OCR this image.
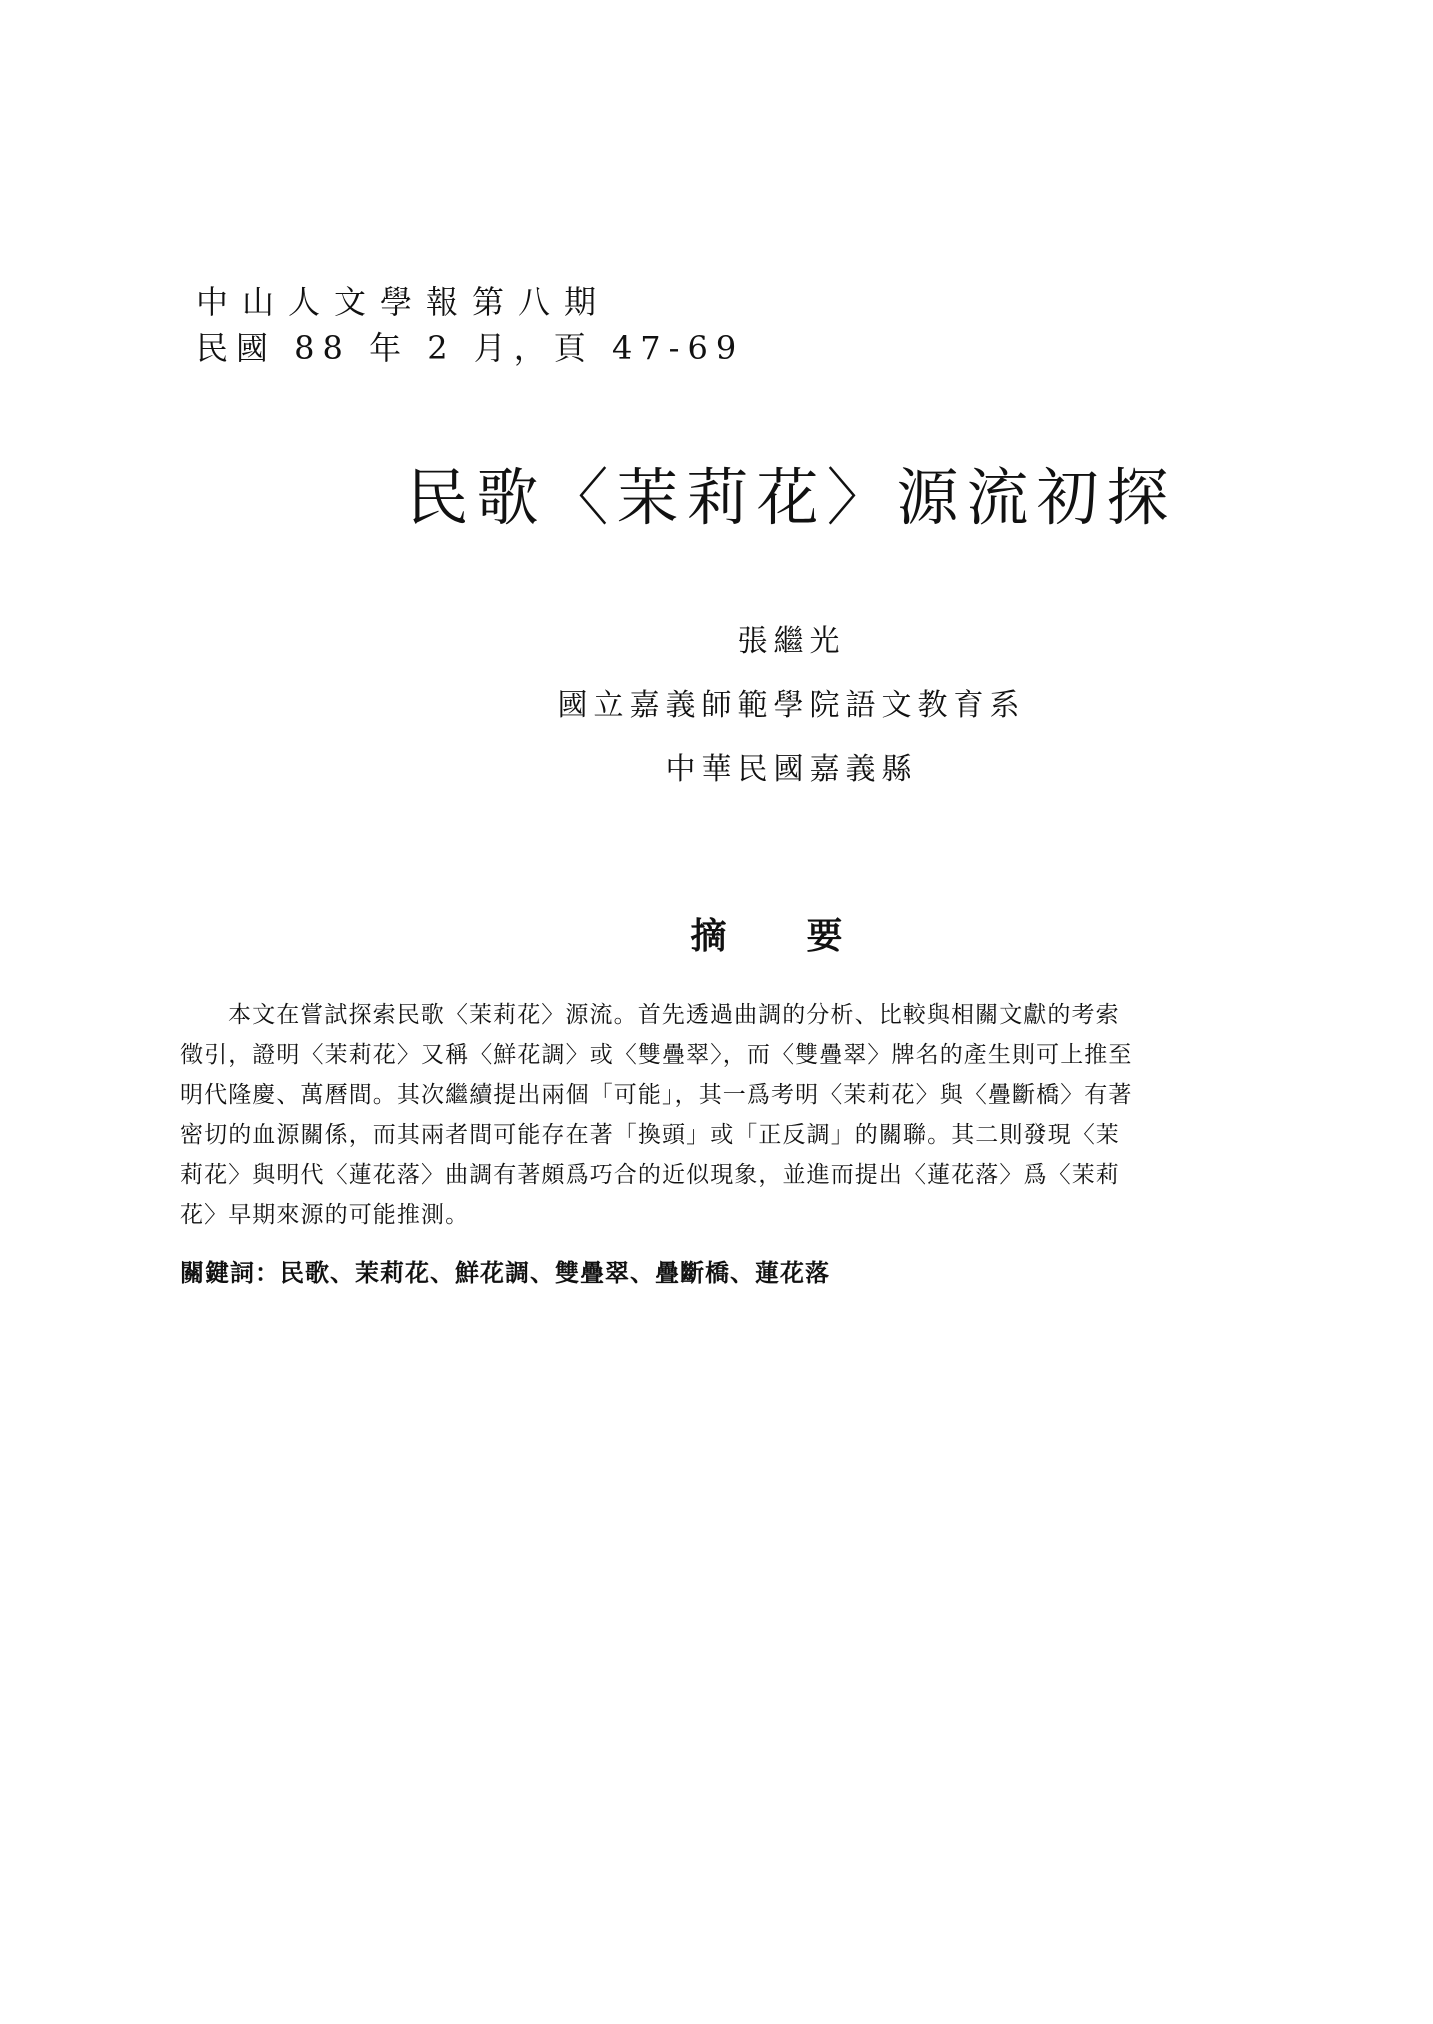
中山人文學報第八期
民國 88 年 2 月，頁 47-69
民歌〈茉莉花〉源流初探
張繼光
國立嘉義師範學院語文教育系
中華民國嘉義縣
摘要
本文在嘗試探索民歌〈茉莉花〉源流。首先透過曲調的分析、比較與相關文獻的考索
徵引，證明〈茉莉花〉又稱〈鮮花調〉或〈雙疊翠〉，而〈雙疊翠〉牌名的產生則可上推至
明代隆慶、萬曆間。其次繼續提出兩個「可能」，其一爲考明〈茉莉花〉與〈疊斷橋〉有著
密切的血源關係，而其兩者間可能存在著「換頭」或「正反調」的關聯。其二則發現〈茉
莉花〉與明代〈蓮花落〉曲調有著頗爲巧合的近似現象，並進而提出〈蓮花落〉爲〈茉莉
花〉早期來源的可能推測。
關鍵詞：民歌、茉莉花、鮮花調、雙疊翠、疊斷橋、蓮花落
